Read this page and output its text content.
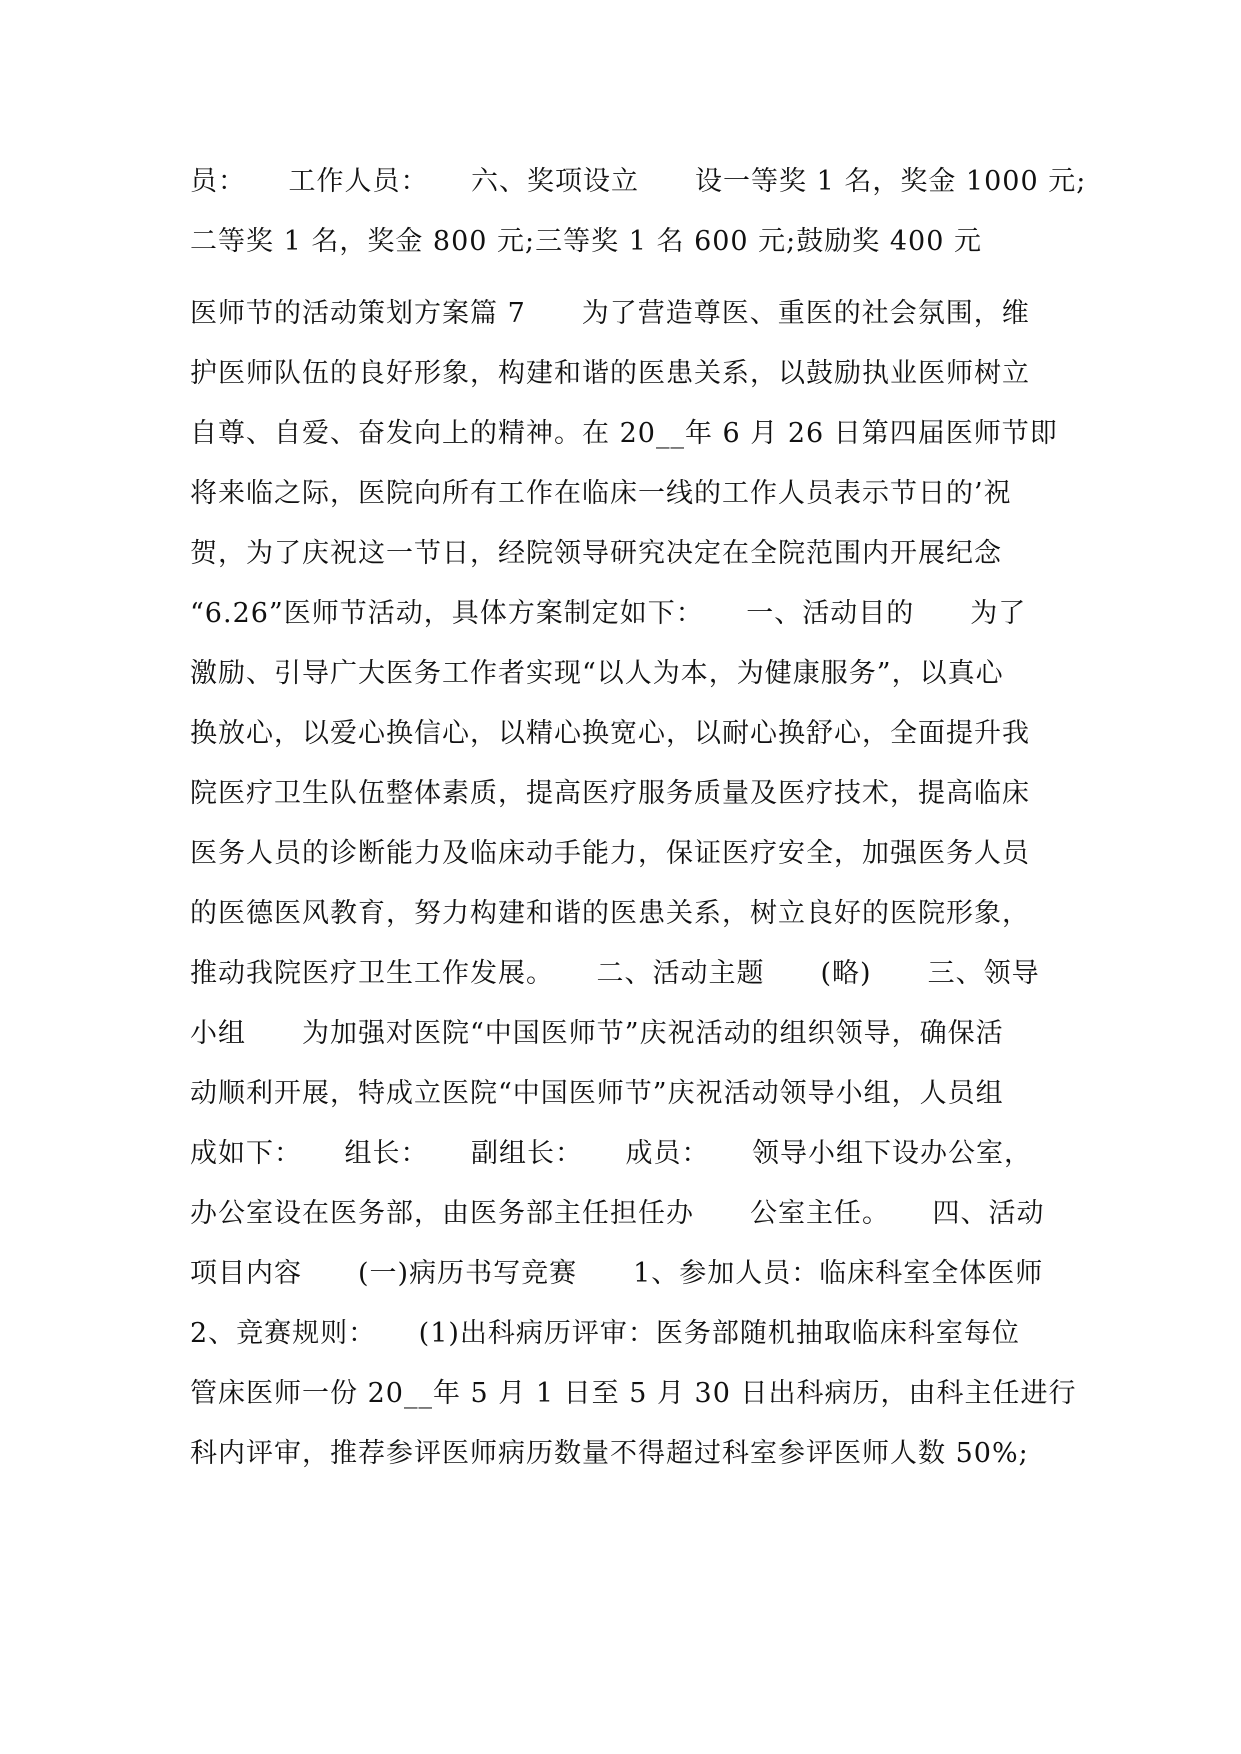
员：　　工作人员：　　六、奖项设立　　设一等奖 1 名，奖金 1000 元;
二等奖 1 名，奖金 800 元;三等奖 1 名 600 元;鼓励奖 400 元
医师节的活动策划方案篇 7　　为了营造尊医、重医的社会氛围，维
护医师队伍的良好形象，构建和谐的医患关系，以鼓励执业医师树立
自尊、自爱、奋发向上的精神。在 20__年 6 月 26 日第四届医师节即
将来临之际，医院向所有工作在临床一线的工作人员表示节日的’祝
贺，为了庆祝这一节日，经院领导研究决定在全院范围内开展纪念
“6.26”医师节活动，具体方案制定如下：　　一、活动目的　　为了
激励、引导广大医务工作者实现“以人为本，为健康服务”，以真心
换放心，以爱心换信心，以精心换宽心，以耐心换舒心，全面提升我
院医疗卫生队伍整体素质，提高医疗服务质量及医疗技术，提高临床
医务人员的诊断能力及临床动手能力，保证医疗安全，加强医务人员
的医德医风教育，努力构建和谐的医患关系，树立良好的医院形象，
推动我院医疗卫生工作发展。　　二、活动主题　　(略)　　三、领导
小组　　为加强对医院“中国医师节”庆祝活动的组织领导，确保活
动顺利开展，特成立医院“中国医师节”庆祝活动领导小组，人员组
成如下：　　组长：　　副组长：　　成员：　　领导小组下设办公室，
办公室设在医务部，由医务部主任担任办　　公室主任。　　四、活动
项目内容　　(一)病历书写竞赛　　1、参加人员：临床科室全体医师
2、竞赛规则：　　(1)出科病历评审：医务部随机抽取临床科室每位
管床医师一份 20__年 5 月 1 日至 5 月 30 日出科病历，由科主任进行
科内评审，推荐参评医师病历数量不得超过科室参评医师人数 50%;
